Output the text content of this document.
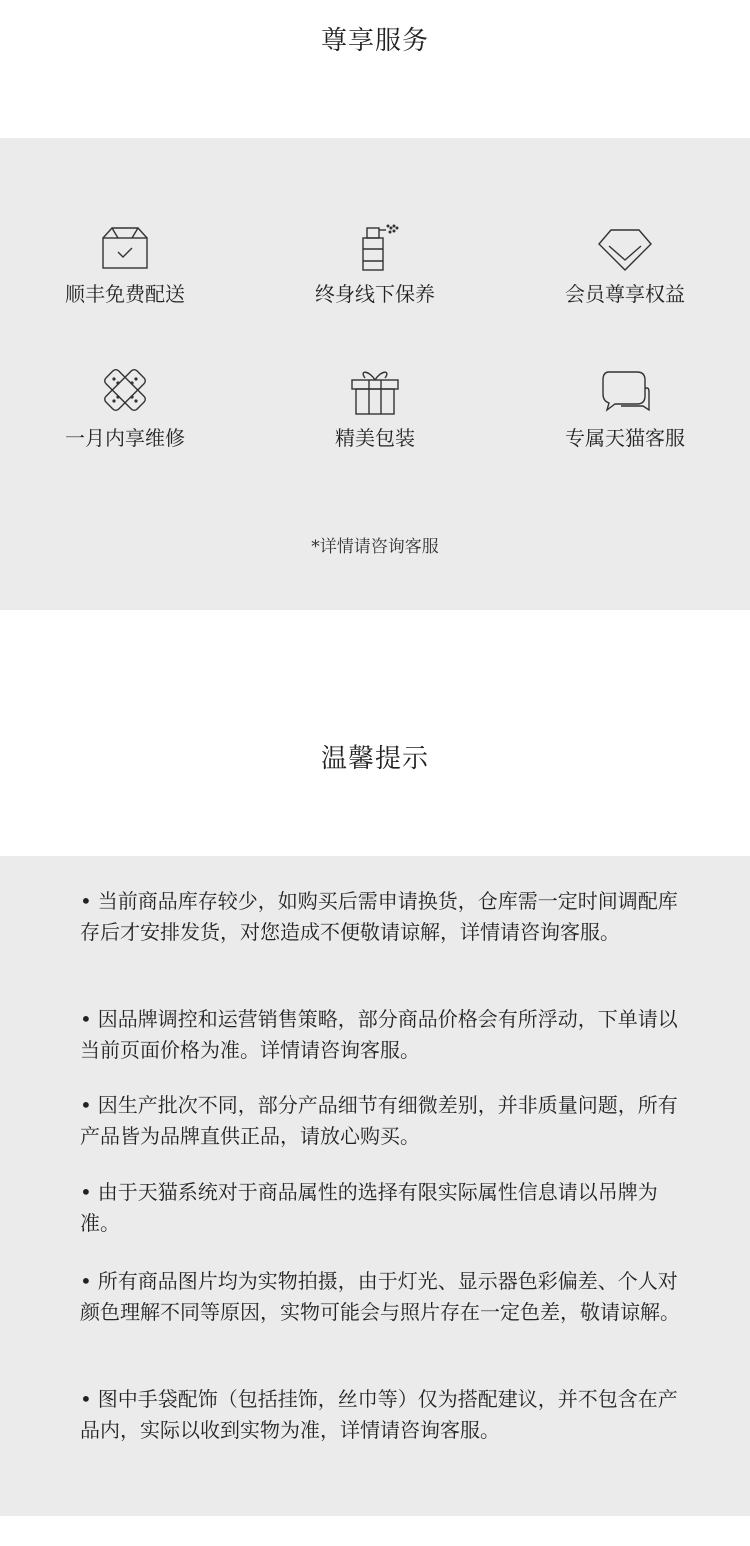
尊享服务
顺丰免费配送	终身线下保养	会员尊享权益
一月内享维修	精美包装	专属天猫客服
*详情请咨询客服
温馨提示
• 当前商品库存较少，如购买后需申请换货，仓库需一定时间调配库存后才安排发货，对您造成不便敬请谅解，详情请咨询客服。
• 因品牌调控和运营销售策略，部分商品价格会有所浮动，下单请以当前页面价格为准。详情请咨询客服。
• 因生产批次不同，部分产品细节有细微差别，并非质量问题，所有产品皆为品牌直供正品，请放心购买。
• 由于天猫系统对于商品属性的选择有限实际属性信息请以吊牌为准。
• 所有商品图片均为实物拍摄，由于灯光、显示器色彩偏差、个人对颜色理解不同等原因，实物可能会与照片存在一定色差，敬请谅解。
• 图中手袋配饰（包括挂饰，丝巾等）仅为搭配建议，并不包含在产品内，实际以收到实物为准，详情请咨询客服。
